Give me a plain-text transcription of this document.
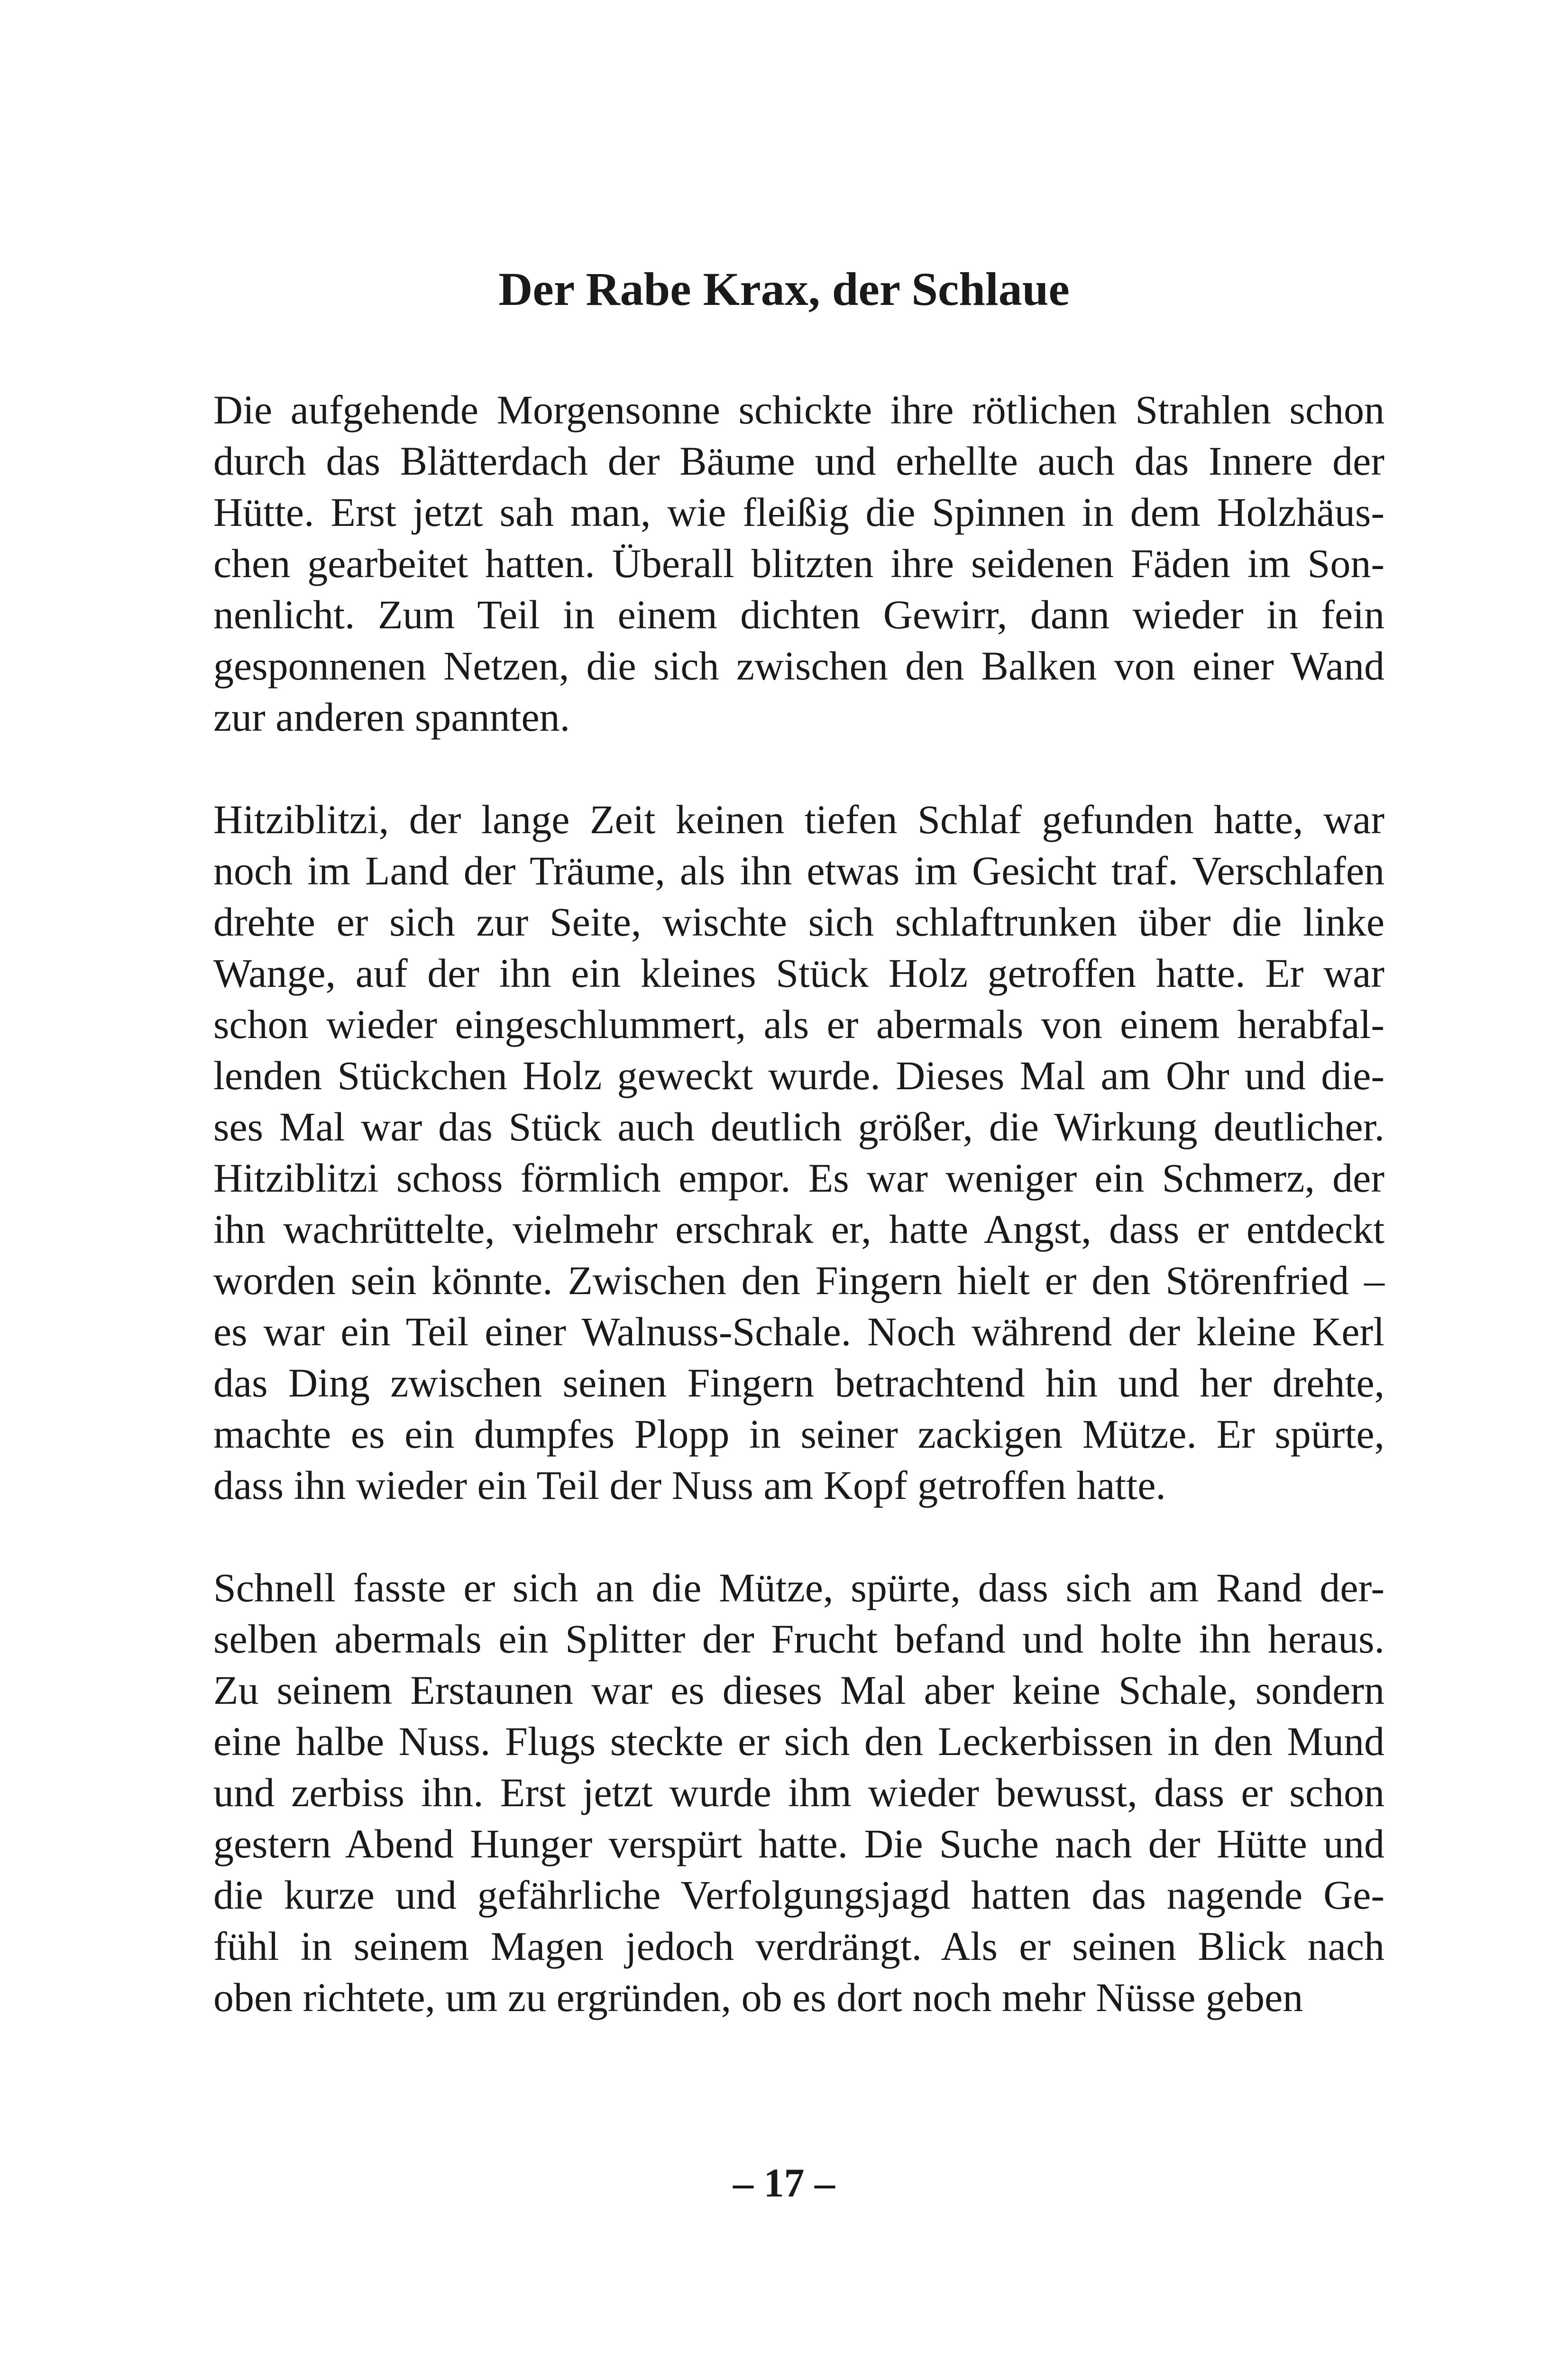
Der Rabe Krax, der Schlaue
Die aufgehende Morgensonne schickte ihre rötlichen Strahlen schon
durch das Blätterdach der Bäume und erhellte auch das Innere der
Hütte. Erst jetzt sah man, wie fleißig die Spinnen in dem Holzhäus-
chen gearbeitet hatten. Überall blitzten ihre seidenen Fäden im Son-
nenlicht. Zum Teil in einem dichten Gewirr, dann wieder in fein
gesponnenen Netzen, die sich zwischen den Balken von einer Wand
zur anderen spannten.
Hitziblitzi, der lange Zeit keinen tiefen Schlaf gefunden hatte, war
noch im Land der Träume, als ihn etwas im Gesicht traf. Verschlafen
drehte er sich zur Seite, wischte sich schlaftrunken über die linke
Wange, auf der ihn ein kleines Stück Holz getroffen hatte. Er war
schon wieder eingeschlummert, als er abermals von einem herabfal-
lenden Stückchen Holz geweckt wurde. Dieses Mal am Ohr und die-
ses Mal war das Stück auch deutlich größer, die Wirkung deutlicher.
Hitziblitzi schoss förmlich empor. Es war weniger ein Schmerz, der
ihn wachrüttelte, vielmehr erschrak er, hatte Angst, dass er entdeckt
worden sein könnte. Zwischen den Fingern hielt er den Störenfried –
es war ein Teil einer Walnuss-Schale. Noch während der kleine Kerl
das Ding zwischen seinen Fingern betrachtend hin und her drehte,
machte es ein dumpfes Plopp in seiner zackigen Mütze. Er spürte,
dass ihn wieder ein Teil der Nuss am Kopf getroffen hatte.
Schnell fasste er sich an die Mütze, spürte, dass sich am Rand der-
selben abermals ein Splitter der Frucht befand und holte ihn heraus.
Zu seinem Erstaunen war es dieses Mal aber keine Schale, sondern
eine halbe Nuss. Flugs steckte er sich den Leckerbissen in den Mund
und zerbiss ihn. Erst jetzt wurde ihm wieder bewusst, dass er schon
gestern Abend Hunger verspürt hatte. Die Suche nach der Hütte und
die kurze und gefährliche Verfolgungsjagd hatten das nagende Ge-
fühl in seinem Magen jedoch verdrängt. Als er seinen Blick nach
oben richtete, um zu ergründen, ob es dort noch mehr Nüsse geben
– 17 –
